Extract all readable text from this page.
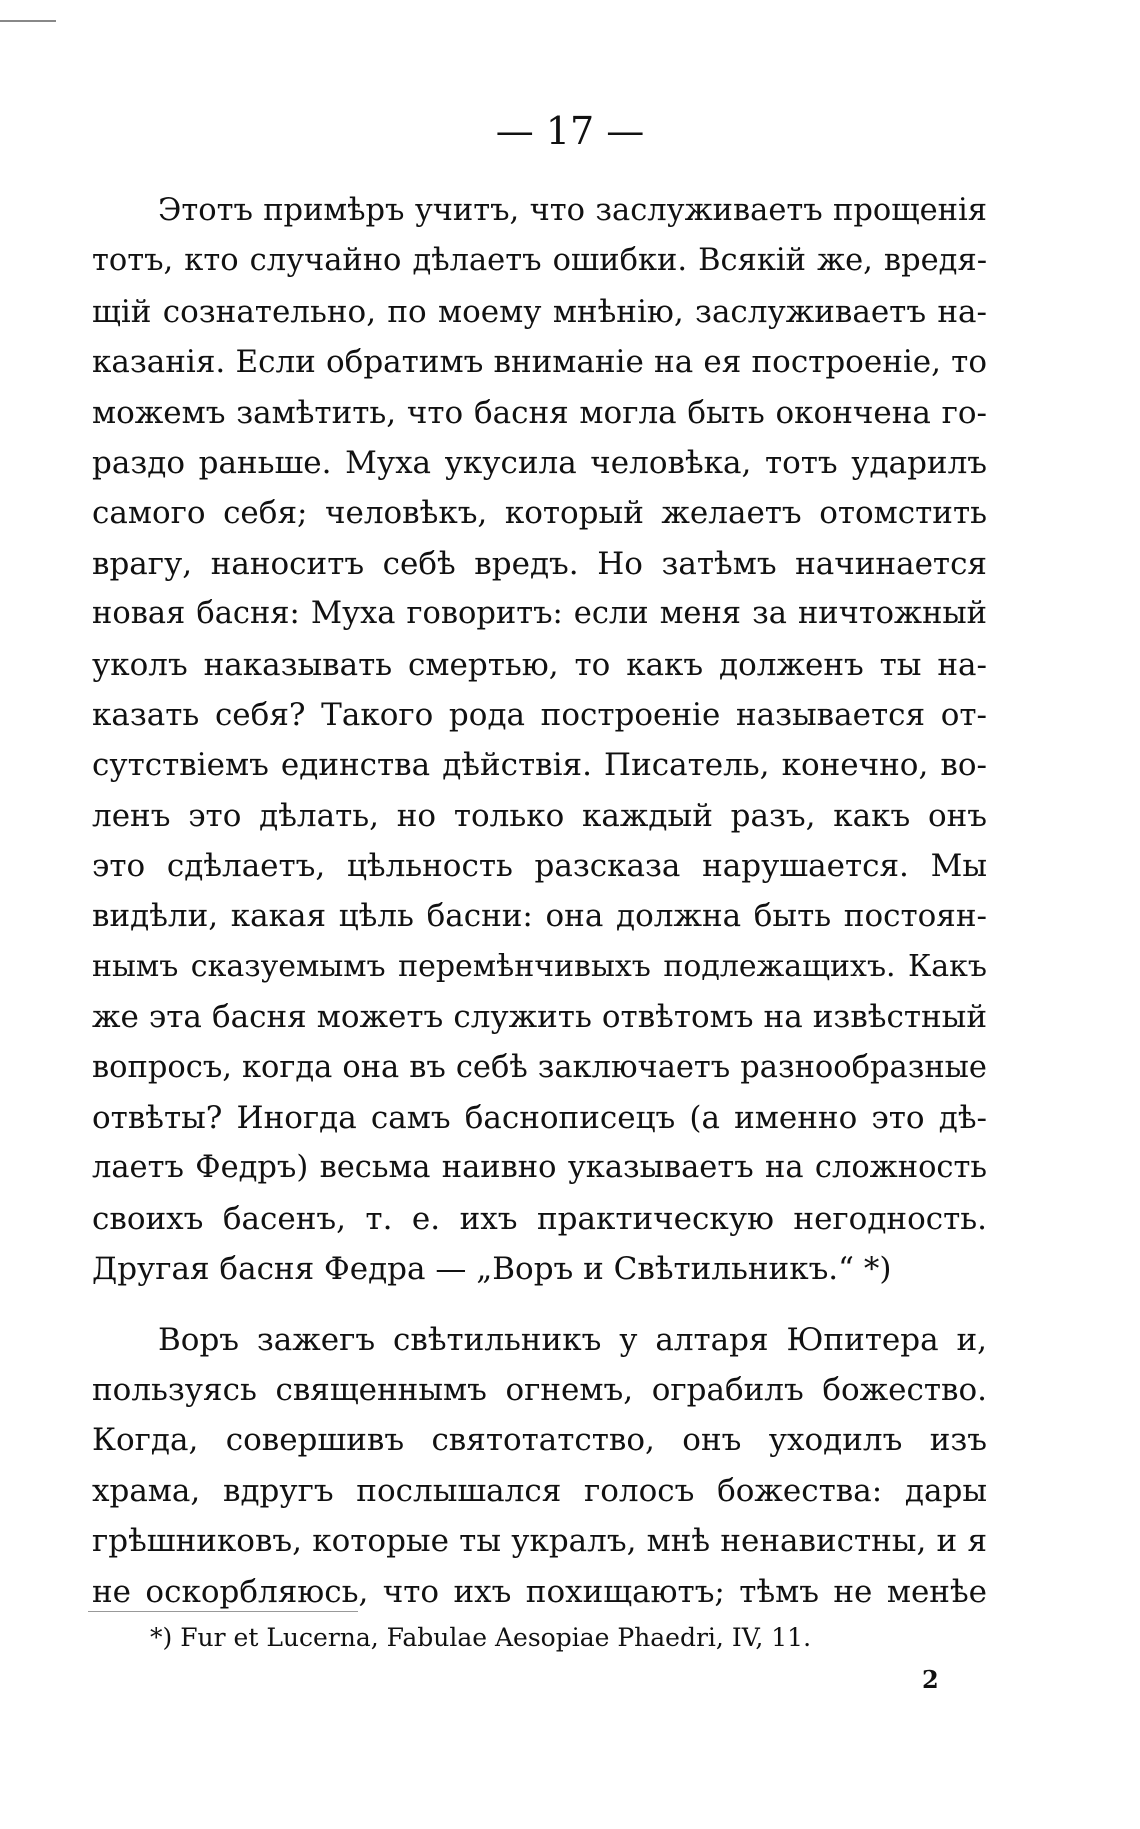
— 17 —
Этотъ примѣръ учитъ, что заслуживаетъ прощенія
тотъ, кто случайно дѣлаетъ ошибки. Всякій же, вредя-
щій сознательно, по моему мнѣнію, заслуживаетъ на-
казанія. Если обратимъ вниманіе на ея построеніе, то
можемъ замѣтить, что басня могла быть окончена го-
раздо раньше. Муха укусила человѣка, тотъ ударилъ
самого себя; человѣкъ, который желаетъ отомстить
врагу, наноситъ себѣ вредъ. Но затѣмъ начинается
новая басня: Муха говоритъ: если меня за ничтожный
уколъ наказывать смертью, то какъ долженъ ты на-
казать себя? Такого рода построеніе называется от-
сутствіемъ единства дѣйствія. Писатель, конечно, во-
ленъ это дѣлать, но только каждый разъ, какъ онъ
это сдѣлаетъ, цѣльность разсказа нарушается. Мы
видѣли, какая цѣль басни: она должна быть постоян-
нымъ сказуемымъ перемѣнчивыхъ подлежащихъ. Какъ
же эта басня можетъ служить отвѣтомъ на извѣстный
вопросъ, когда она въ себѣ заключаетъ разнообразные
отвѣты? Иногда самъ баснописецъ (а именно это дѣ-
лаетъ Федръ) весьма наивно указываетъ на сложность
своихъ басенъ, т. е. ихъ практическую негодность.
Другая басня Федра — „Воръ и Свѣтильникъ.“ *)
Воръ зажегъ свѣтильникъ у алтаря Юпитера и,
пользуясь священнымъ огнемъ, ограбилъ божество.
Когда, совершивъ святотатство, онъ уходилъ изъ
храма, вдругъ послышался голосъ божества: дары
грѣшниковъ, которые ты укралъ, мнѣ ненавистны, и я
не оскорбляюсь, что ихъ похищаютъ; тѣмъ не менѣе
*) Fur et Lucerna, Fabulae Aesopiae Phaedri, IV, 11.
2
